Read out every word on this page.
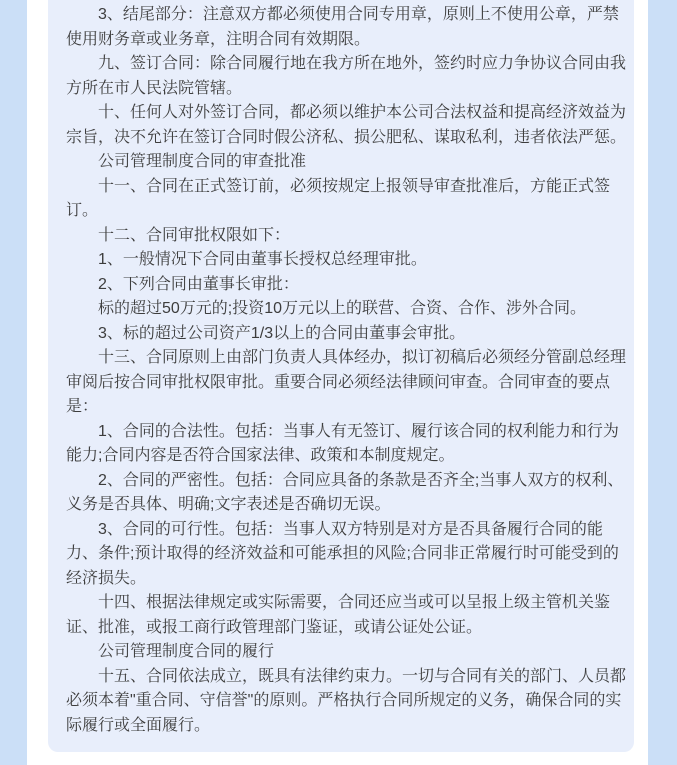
3、结尾部分：注意双方都必须使用合同专用章，原则上不使用公章，严禁使用财务章或业务章，注明合同有效期限。

九、签订合同：除合同履行地在我方所在地外，签约时应力争协议合同由我方所在市人民法院管辖。

十、任何人对外签订合同，都必须以维护本公司合法权益和提高经济效益为宗旨，决不允许在签订合同时假公济私、损公肥私、谋取私利，违者依法严惩。

公司管理制度合同的审查批准

十一、合同在正式签订前，必须按规定上报领导审查批准后，方能正式签订。

十二、合同审批权限如下：

1、一般情况下合同由董事长授权总经理审批。

2、下列合同由董事长审批：

标的超过50万元的;投资10万元以上的联营、合资、合作、涉外合同。

3、标的超过公司资产1/3以上的合同由董事会审批。

十三、合同原则上由部门负责人具体经办，拟订初稿后必须经分管副总经理审阅后按合同审批权限审批。重要合同必须经法律顾问审查。合同审查的要点是：

1、合同的合法性。包括：当事人有无签订、履行该合同的权利能力和行为能力;合同内容是否符合国家法律、政策和本制度规定。

2、合同的严密性。包括：合同应具备的条款是否齐全;当事人双方的权利、义务是否具体、明确;文字表述是否确切无误。

3、合同的可行性。包括：当事人双方特别是对方是否具备履行合同的能力、条件;预计取得的经济效益和可能承担的风险;合同非正常履行时可能受到的经济损失。

十四、根据法律规定或实际需要，合同还应当或可以呈报上级主管机关鉴证、批准，或报工商行政管理部门鉴证，或请公证处公证。

公司管理制度合同的履行

十五、合同依法成立，既具有法律约束力。一切与合同有关的部门、人员都必须本着"重合同、守信誉"的原则。严格执行合同所规定的义务，确保合同的实际履行或全面履行。
